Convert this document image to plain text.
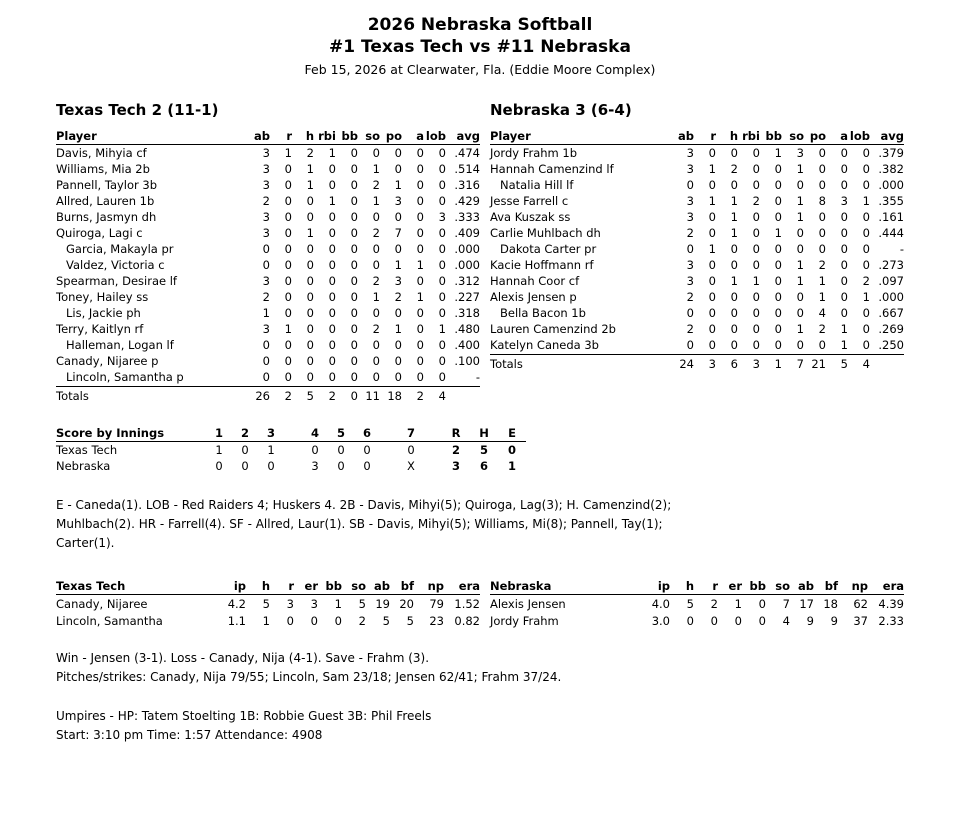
2026 Nebraska Softball
#1 Texas Tech vs #11 Nebraska
Feb 15, 2026 at Clearwater, Fla. (Eddie Moore Complex)
Texas Tech 2 (11-1)
Player	ab	r	h	rbi	bb	so	po	a	lob	avg
Davis, Mihyia cf	3	1	2	1	0	0	0	0	0	.474
Williams, Mia 2b	3	0	1	0	0	1	0	0	0	.514
Pannell, Taylor 3b	3	0	1	0	0	2	1	0	0	.316
Allred, Lauren 1b	2	0	0	1	0	1	3	0	0	.429
Burns, Jasmyn dh	3	0	0	0	0	0	0	0	3	.333
Quiroga, Lagi c	3	0	1	0	0	2	7	0	0	.409
Garcia, Makayla pr	0	0	0	0	0	0	0	0	0	.000
Valdez, Victoria c	0	0	0	0	0	0	1	1	0	.000
Spearman, Desirae lf	3	0	0	0	0	2	3	0	0	.312
Toney, Hailey ss	2	0	0	0	0	1	2	1	0	.227
Lis, Jackie ph	1	0	0	0	0	0	0	0	0	.318
Terry, Kaitlyn rf	3	1	0	0	0	2	1	0	1	.480
Halleman, Logan lf	0	0	0	0	0	0	0	0	0	.400
Canady, Nijaree p	0	0	0	0	0	0	0	0	0	.100
Lincoln, Samantha p	0	0	0	0	0	0	0	0	0	-
Totals	26	2	5	2	0	11	18	2	4	
Nebraska 3 (6-4)
Player	ab	r	h	rbi	bb	so	po	a	lob	avg
Jordy Frahm 1b	3	0	0	0	1	3	0	0	0	.379
Hannah Camenzind lf	3	1	2	0	0	1	0	0	0	.382
Natalia Hill lf	0	0	0	0	0	0	0	0	0	.000
Jesse Farrell c	3	1	1	2	0	1	8	3	1	.355
Ava Kuszak ss	3	0	1	0	0	1	0	0	0	.161
Carlie Muhlbach dh	2	0	1	0	1	0	0	0	0	.444
Dakota Carter pr	0	1	0	0	0	0	0	0	0	-
Kacie Hoffmann rf	3	0	0	0	0	1	2	0	0	.273
Hannah Coor cf	3	0	1	1	0	1	1	0	2	.097
Alexis Jensen p	2	0	0	0	0	0	1	0	1	.000
Bella Bacon 1b	0	0	0	0	0	0	4	0	0	.667
Lauren Camenzind 2b	2	0	0	0	0	1	2	1	0	.269
Katelyn Caneda 3b	0	0	0	0	0	0	0	1	0	.250
Totals	24	3	6	3	1	7	21	5	4	
Score by Innings	1	2	3		4	5	6		7		R	H	E
Texas Tech	1	0	1		0	0	0		0		2	5	0
Nebraska	0	0	0		3	0	0		X		3	6	1
E - Caneda(1). LOB - Red Raiders 4; Huskers 4. 2B - Davis, Mihyi(5); Quiroga, Lag(3); H. Camenzind(2);
Muhlbach(2). HR - Farrell(4). SF - Allred, Laur(1). SB - Davis, Mihyi(5); Williams, Mi(8); Pannell, Tay(1);
Carter(1).
Texas Tech	ip	h	r	er	bb	so	ab	bf	np	era
Canady, Nijaree	4.2	5	3	3	1	5	19	20	79	1.52
Lincoln, Samantha	1.1	1	0	0	0	2	5	5	23	0.82
Nebraska	ip	h	r	er	bb	so	ab	bf	np	era
Alexis Jensen	4.0	5	2	1	0	7	17	18	62	4.39
Jordy Frahm	3.0	0	0	0	0	4	9	9	37	2.33
Win - Jensen (3-1). Loss - Canady, Nija (4-1). Save - Frahm (3).
Pitches/strikes: Canady, Nija 79/55; Lincoln, Sam 23/18; Jensen 62/41; Frahm 37/24.
Umpires - HP: Tatem Stoelting 1B: Robbie Guest 3B: Phil Freels
Start: 3:10 pm Time: 1:57 Attendance: 4908
